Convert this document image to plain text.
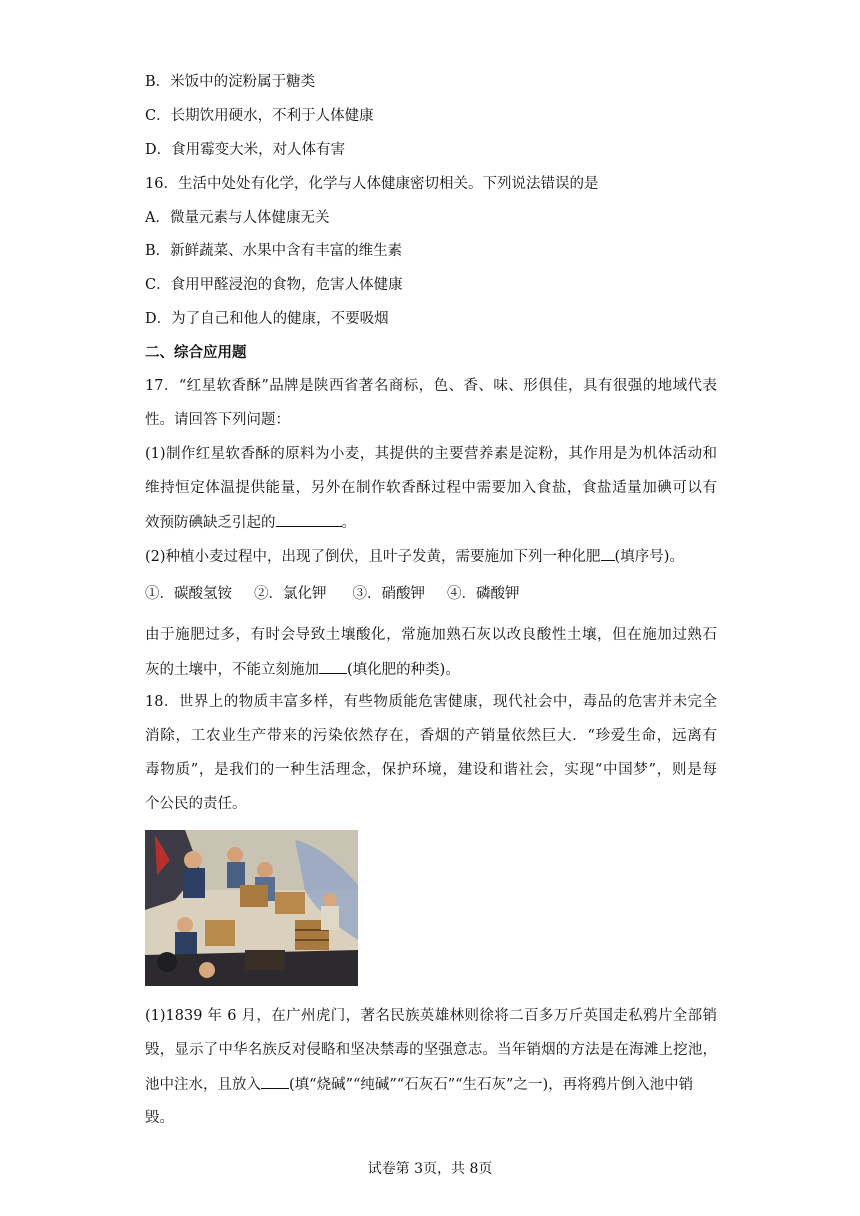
B．米饭中的淀粉属于糖类
C．长期饮用硬水，不利于人体健康
D．食用霉变大米，对人体有害
16．生活中处处有化学，化学与人体健康密切相关。下列说法错误的是
A．微量元素与人体健康无关
B．新鲜蔬菜、水果中含有丰富的维生素
C．食用甲醛浸泡的食物，危害人体健康
D．为了自己和他人的健康，不要吸烟
二、综合应用题
17．“红星软香酥”品牌是陕西省著名商标，色、香、味、形俱佳，具有很强的地域代表
性。请回答下列问题：
(1)制作红星软香酥的原料为小麦，其提供的主要营养素是淀粉，其作用是为机体活动和
维持恒定体温提供能量，另外在制作软香酥过程中需要加入食盐，食盐适量加碘可以有
效预防碘缺乏引起的	。
(2)种植小麦过程中，出现了倒伏，且叶子发黄，需要施加下列一种化肥 (填序号)。
①．碳酸氢铵 ②．氯化钾 ③．硝酸钾 ④．磷酸钾
由于施肥过多，有时会导致土壤酸化，常施加熟石灰以改良酸性土壤，但在施加过熟石
灰的土壤中，不能立刻施加 (填化肥的种类)。
18．世界上的物质丰富多样，有些物质能危害健康，现代社会中，毒品的危害并未完全
消除，工农业生产带来的污染依然存在，香烟的产销量依然巨大．“珍爱生命，远离有
毒物质”，是我们的一种生活理念，保护环境，建设和谐社会，实现“中国梦”，则是每
个公民的责任。
(1)1839 年 6 月，在广州虎门，著名民族英雄林则徐将二百多万斤英国走私鸦片全部销
毁，显示了中华名族反对侵略和坚决禁毒的坚强意志。当年销烟的方法是在海滩上挖池，
池中注水，且放入 (填“烧碱”“纯碱”“石灰石”“生石灰”之一)，再将鸦片倒入池中销
毁。
试卷第 3页，共 8页
